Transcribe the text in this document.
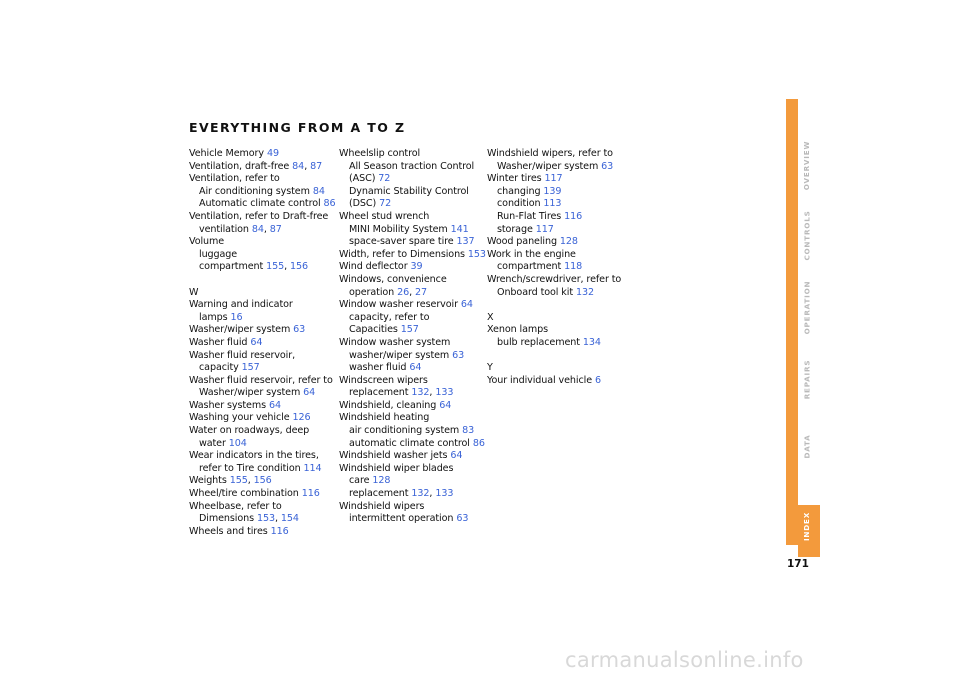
EVERYTHING FROM A TO Z
Vehicle Memory 49
Ventilation, draft-free 84, 87
Ventilation, refer to
Air conditioning system 84
Automatic climate control 86
Ventilation, refer to Draft-free
ventilation 84, 87
Volume
luggage
compartment 155, 156
W
Warning and indicator
lamps 16
Washer/wiper system 63
Washer fluid 64
Washer fluid reservoir,
capacity 157
Washer fluid reservoir, refer to
Washer/wiper system 64
Washer systems 64
Washing your vehicle 126
Water on roadways, deep
water 104
Wear indicators in the tires,
refer to Tire condition 114
Weights 155, 156
Wheel/tire combination 116
Wheelbase, refer to
Dimensions 153, 154
Wheels and tires 116
Wheelslip control
All Season traction Control
(ASC) 72
Dynamic Stability Control
(DSC) 72
Wheel stud wrench
MINI Mobility System 141
space-saver spare tire 137
Width, refer to Dimensions 153
Wind deflector 39
Windows, convenience
operation 26, 27
Window washer reservoir 64
capacity, refer to
Capacities 157
Window washer system
washer/wiper system 63
washer fluid 64
Windscreen wipers
replacement 132, 133
Windshield, cleaning 64
Windshield heating
air conditioning system 83
automatic climate control 86
Windshield washer jets 64
Windshield wiper blades
care 128
replacement 132, 133
Windshield wipers
intermittent operation 63
Windshield wipers, refer to
Washer/wiper system 63
Winter tires 117
changing 139
condition 113
Run-Flat Tires 116
storage 117
Wood paneling 128
Work in the engine
compartment 118
Wrench/screwdriver, refer to
Onboard tool kit 132
X
Xenon lamps
bulb replacement 134
Y
Your individual vehicle 6
OVERVIEW
CONTROLS
OPERATION
REPAIRS
DATA
INDEX
171
carmanualsonline.info
